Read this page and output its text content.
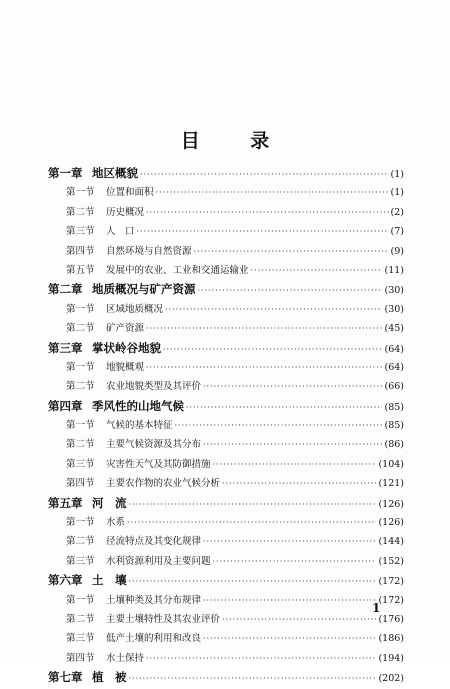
目 录
第一章 地区概貌 ·····	(1)
第一节	位置和面积 ·····	(1)
第二节	历史概况 ·····	(2)
第三节	人　口 ·····	(7)
第四节	自然环境与自然资源 ·····	(9)
第五节	发展中的农业、工业和交通运输业 ·····	(11)
第二章 地质概况与矿产资源 ·····	(30)
第一节	区域地质概况 ·····	(30)
第二节	矿产资源 ·····	(45)
第三章 掌状岭谷地貌 ·····	(64)
第一节	地貌概观 ·····	(64)
第二节	农业地貌类型及其评价 ·····	(66)
第四章 季风性的山地气候 ·····	(85)
第一节	气候的基本特征 ·····	(85)
第二节	主要气候资源及其分布 ·····	(86)
第三节	灾害性天气及其防御措施 ·····	(104)
第四节	主要农作物的农业气候分析 ·····	(121)
第五章 河　流 ·····	(126)
第一节	水系 ·····	(126)
第二节	径流特点及其变化规律 ·····	(144)
第三节	水利资源利用及主要问题 ·····	(152)
第六章 土　壤 ·····	(172)
第一节	土壤种类及其分布规律 ·····	(172)
第二节	主要土壤特性及其农业评价 ·····	(176)
第三节	低产土壤的利用和改良 ·····	(186)
第四节	水土保持 ·····	(194)
第七章 植　被 ·····	(202)
1
